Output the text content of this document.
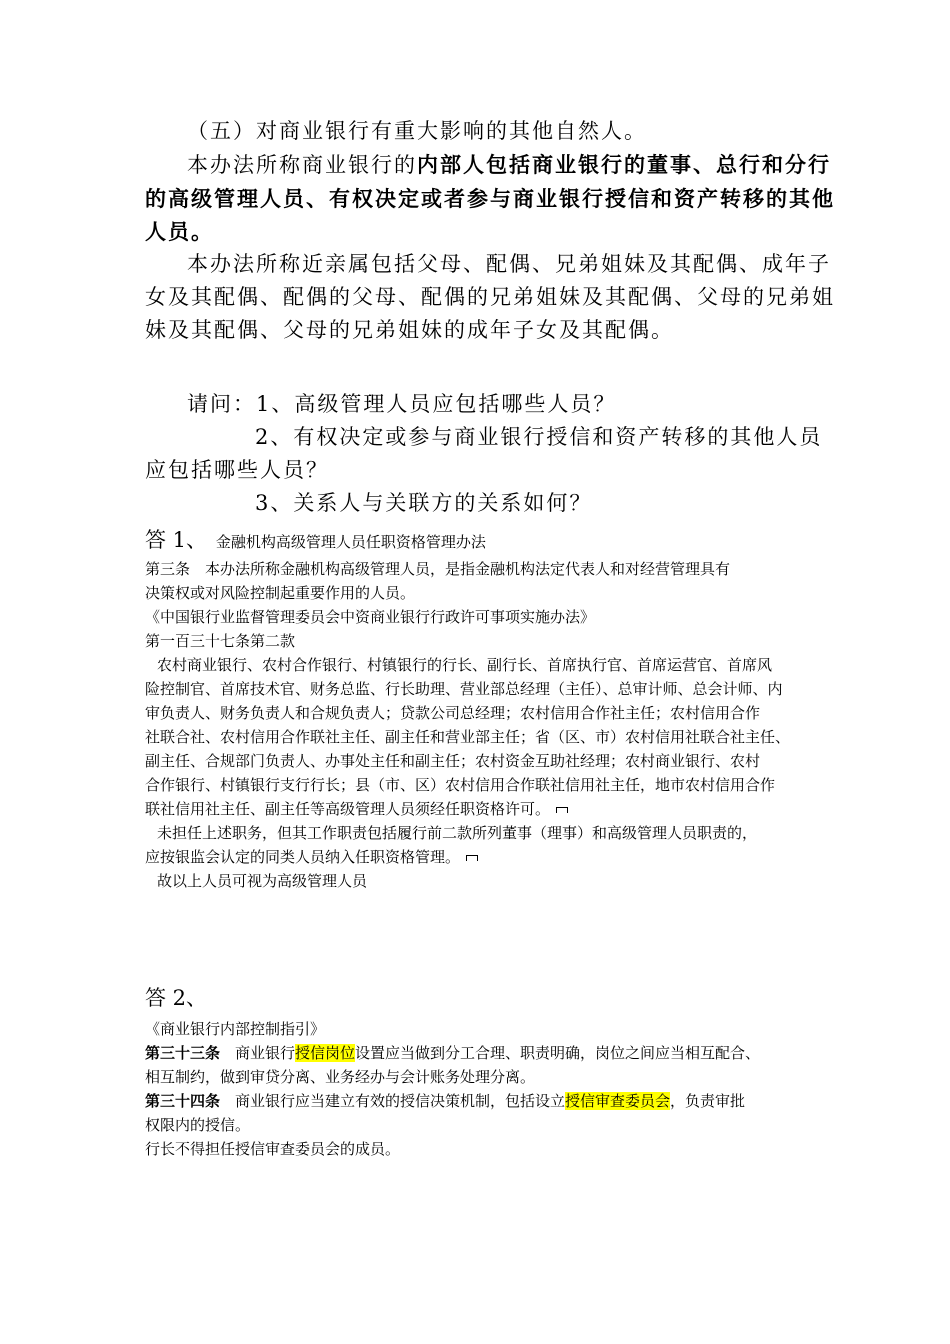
（五）对商业银行有重大影响的其他自然人。
本办法所称商业银行的内部人包括商业银行的董事、总行和分行
的高级管理人员、有权决定或者参与商业银行授信和资产转移的其他
人员。
本办法所称近亲属包括父母、配偶、兄弟姐妹及其配偶、成年子
女及其配偶、配偶的父母、配偶的兄弟姐妹及其配偶、父母的兄弟姐
妹及其配偶、父母的兄弟姐妹的成年子女及其配偶。
请问：1、高级管理人员应包括哪些人员？
2、有权决定或参与商业银行授信和资产转移的其他人员
应包括哪些人员？
3、关系人与关联方的关系如何？
答 1、 金融机构高级管理人员任职资格管理办法
第三条　本办法所称金融机构高级管理人员，是指金融机构法定代表人和对经营管理具有
决策权或对风险控制起重要作用的人员。
《中国银行业监督管理委员会中资商业银行行政许可事项实施办法》
第一百三十七条第二款
农村商业银行、农村合作银行、村镇银行的行长、副行长、首席执行官、首席运营官、首席风
险控制官、首席技术官、财务总监、行长助理、营业部总经理（主任）、总审计师、总会计师、内
审负责人、财务负责人和合规负责人；贷款公司总经理；农村信用合作社主任；农村信用合作
社联合社、农村信用合作联社主任、副主任和营业部主任；省（区、市）农村信用社联合社主任、
副主任、合规部门负责人、办事处主任和副主任；农村资金互助社经理；农村商业银行、农村
合作银行、村镇银行支行行长；县（市、区）农村信用合作联社信用社主任，地市农村信用合作
联社信用社主任、副主任等高级管理人员须经任职资格许可。
未担任上述职务，但其工作职责包括履行前二款所列董事（理事）和高级管理人员职责的，
应按银监会认定的同类人员纳入任职资格管理。
故以上人员可视为高级管理人员
答 2、
《商业银行内部控制指引》
第三十三条　商业银行授信岗位设置应当做到分工合理、职责明确，岗位之间应当相互配合、
相互制约，做到审贷分离、业务经办与会计账务处理分离。
第三十四条　商业银行应当建立有效的授信决策机制，包括设立授信审查委员会，负责审批
权限内的授信。
行长不得担任授信审查委员会的成员。
